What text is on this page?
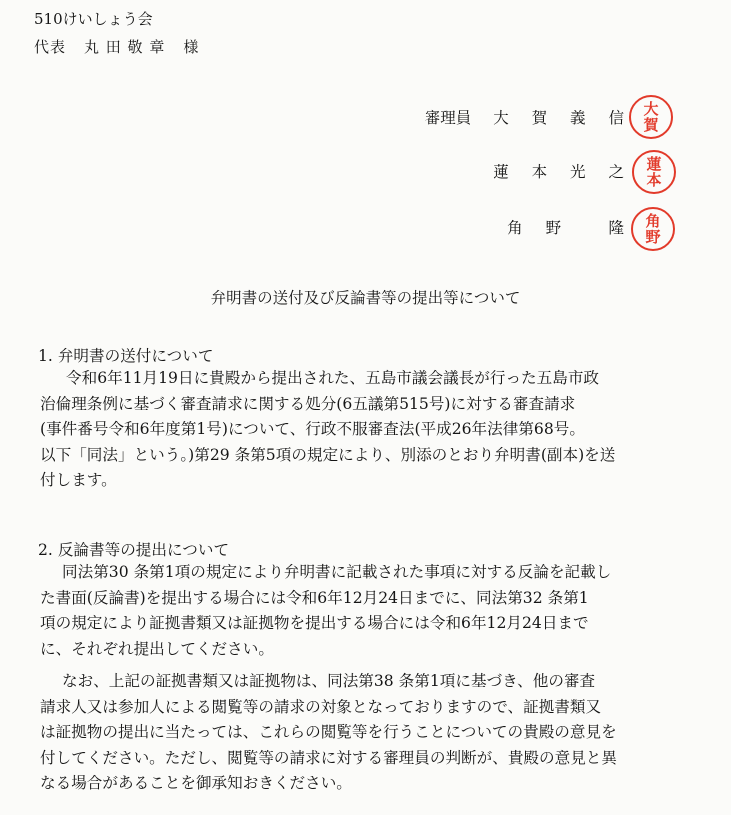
510けいしょう会
代表 丸 田 敬 章 様
審理員 大 賀 義 信 大
賀
蓮 本 光 之 蓮
本
角 野　 隆 角
野
弁明書の送付及び反論書等の提出等について
1. 弁明書の送付について
令和6年11月19日に貴殿から提出された、五島市議会議長が行った五島市政
治倫理条例に基づく審査請求に関する処分(6五議第515号)に対する審査請求
(事件番号令和6年度第1号)について、行政不服審査法(平成26年法律第68号。
以下「同法」という。)第29 条第5項の規定により、別添のとおり弁明書(副本)を送
付します。
2. 反論書等の提出について
同法第30 条第1項の規定により弁明書に記載された事項に対する反論を記載し
た書面(反論書)を提出する場合には令和6年12月24日までに、同法第32 条第1
項の規定により証拠書類又は証拠物を提出する場合には令和6年12月24日まで
に、それぞれ提出してください。
なお、上記の証拠書類又は証拠物は、同法第38 条第1項に基づき、他の審査
請求人又は参加人による閲覧等の請求の対象となっておりますので、証拠書類又
は証拠物の提出に当たっては、これらの閲覧等を行うことについての貴殿の意見を
付してください。ただし、閲覧等の請求に対する審理員の判断が、貴殿の意見と異
なる場合があることを御承知おきください。
